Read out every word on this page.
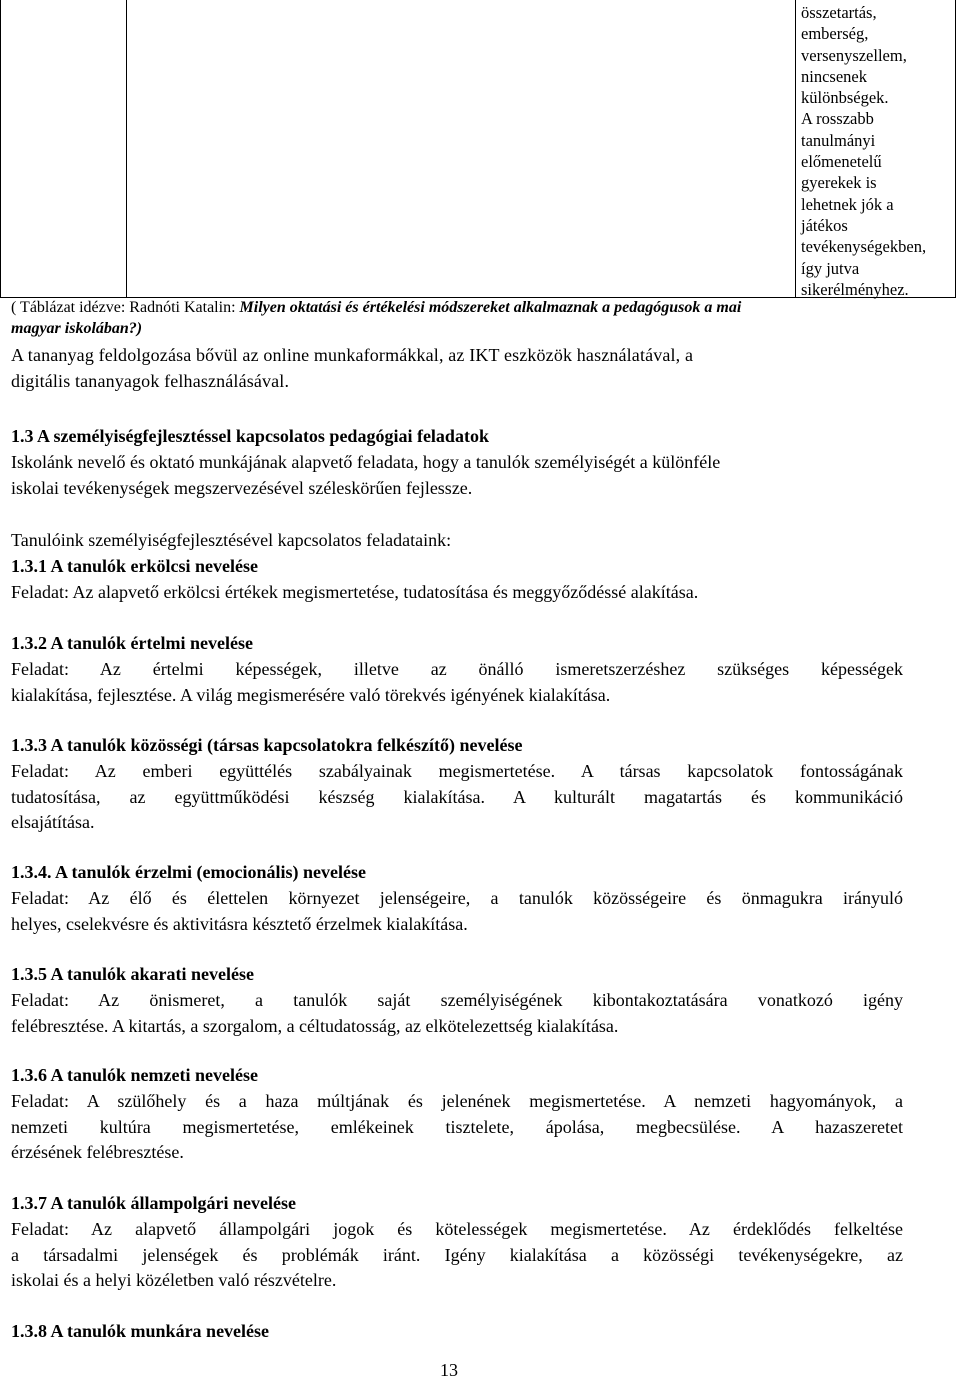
összetartás,
emberség,
versenyszellem,
nincsenek
különbségek.
A rosszabb
tanulmányi
előmenetelű
gyerekek is
lehetnek jók a
játékos
tevékenységekben,
így jutva
sikerélményhez.
( Táblázat idézve: Radnóti Katalin: Milyen oktatási és értékelési módszereket alkalmaznak a pedagógusok a mai
magyar iskolában?)
A tananyag feldolgozása bővül az online munkaformákkal, az IKT eszközök használatával, a
digitális tananyagok felhasználásával.
1.3 A személyiségfejlesztéssel kapcsolatos pedagógiai feladatok
Iskolánk nevelő és oktató munkájának alapvető feladata, hogy a tanulók személyiségét a különféle
iskolai tevékenységek megszervezésével széleskörűen fejlessze.
Tanulóink személyiségfejlesztésével kapcsolatos feladataink:
1.3.1 A tanulók erkölcsi nevelése
Feladat: Az alapvető erkölcsi értékek megismertetése, tudatosítása és meggyőződéssé alakítása.
1.3.2 A tanulók értelmi nevelése
Feladat: Az értelmi képességek, illetve az önálló ismeretszerzéshez szükséges képességek
kialakítása, fejlesztése. A világ megismerésére való törekvés igényének kialakítása.
1.3.3 A tanulók közösségi (társas kapcsolatokra felkészítő) nevelése
Feladat: Az emberi együttélés szabályainak megismertetése. A társas kapcsolatok fontosságának
tudatosítása, az együttműködési készség kialakítása. A kulturált magatartás és kommunikáció
elsajátítása.
1.3.4. A tanulók érzelmi (emocionális) nevelése
Feladat: Az élő és élettelen környezet jelenségeire, a tanulók közösségeire és önmagukra irányuló
helyes, cselekvésre és aktivitásra késztető érzelmek kialakítása.
1.3.5 A tanulók akarati nevelése
Feladat: Az önismeret, a tanulók saját személyiségének kibontakoztatására vonatkozó igény
felébresztése. A kitartás, a szorgalom, a céltudatosság, az elkötelezettség kialakítása.
1.3.6 A tanulók nemzeti nevelése
Feladat: A szülőhely és a haza múltjának és jelenének megismertetése. A nemzeti hagyományok, a
nemzeti kultúra megismertetése, emlékeinek tisztelete, ápolása, megbecsülése. A hazaszeretet
érzésének felébresztése.
1.3.7 A tanulók állampolgári nevelése
Feladat: Az alapvető állampolgári jogok és kötelességek megismertetése. Az érdeklődés felkeltése
a társadalmi jelenségek és problémák iránt. Igény kialakítása a közösségi tevékenységekre, az
iskolai és a helyi közéletben való részvételre.
1.3.8 A tanulók munkára nevelése
13
